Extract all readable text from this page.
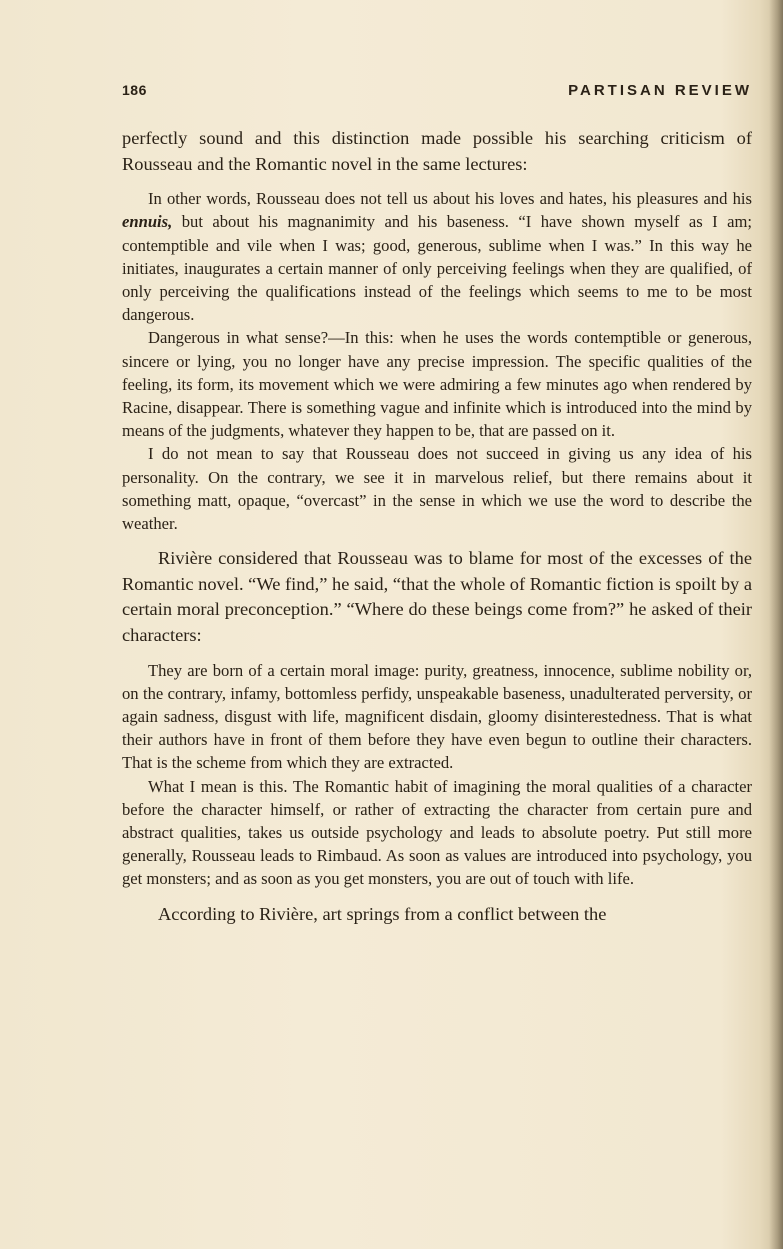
186	PARTISAN REVIEW

perfectly sound and this distinction made possible his searching criticism of Rousseau and the Romantic novel in the same lectures:

In other words, Rousseau does not tell us about his loves and hates, his pleasures and his ennuis, but about his magnanimity and his baseness. “I have shown myself as I am; contemptible and vile when I was; good, generous, sublime when I was.” In this way he initiates, inaugurates a certain manner of only perceiving feelings when they are qualified, of only perceiving the qualifications instead of the feelings which seems to me to be most dangerous.

Dangerous in what sense?—In this: when he uses the words contemptible or generous, sincere or lying, you no longer have any precise impression. The specific qualities of the feeling, its form, its movement which we were admiring a few minutes ago when rendered by Racine, disappear. There is something vague and infinite which is introduced into the mind by means of the judgments, whatever they happen to be, that are passed on it.

I do not mean to say that Rousseau does not succeed in giving us any idea of his personality. On the contrary, we see it in marvelous relief, but there remains about it something matt, opaque, “overcast” in the sense in which we use the word to describe the weather.

Rivière considered that Rousseau was to blame for most of the excesses of the Romantic novel. “We find,” he said, “that the whole of Romantic fiction is spoilt by a certain moral preconception.” “Where do these beings come from?” he asked of their characters:

They are born of a certain moral image: purity, greatness, innocence, sublime nobility or, on the contrary, infamy, bottomless perfidy, unspeakable baseness, unadulterated perversity, or again sadness, disgust with life, magnificent disdain, gloomy disinterestedness. That is what their authors have in front of them before they have even begun to outline their characters. That is the scheme from which they are extracted.

What I mean is this. The Romantic habit of imagining the moral qualities of a character before the character himself, or rather of extracting the character from certain pure and abstract qualities, takes us outside psychology and leads to absolute poetry. Put still more generally, Rousseau leads to Rimbaud. As soon as values are introduced into psychology, you get monsters; and as soon as you get monsters, you are out of touch with life.

According to Rivière, art springs from a conflict between the
